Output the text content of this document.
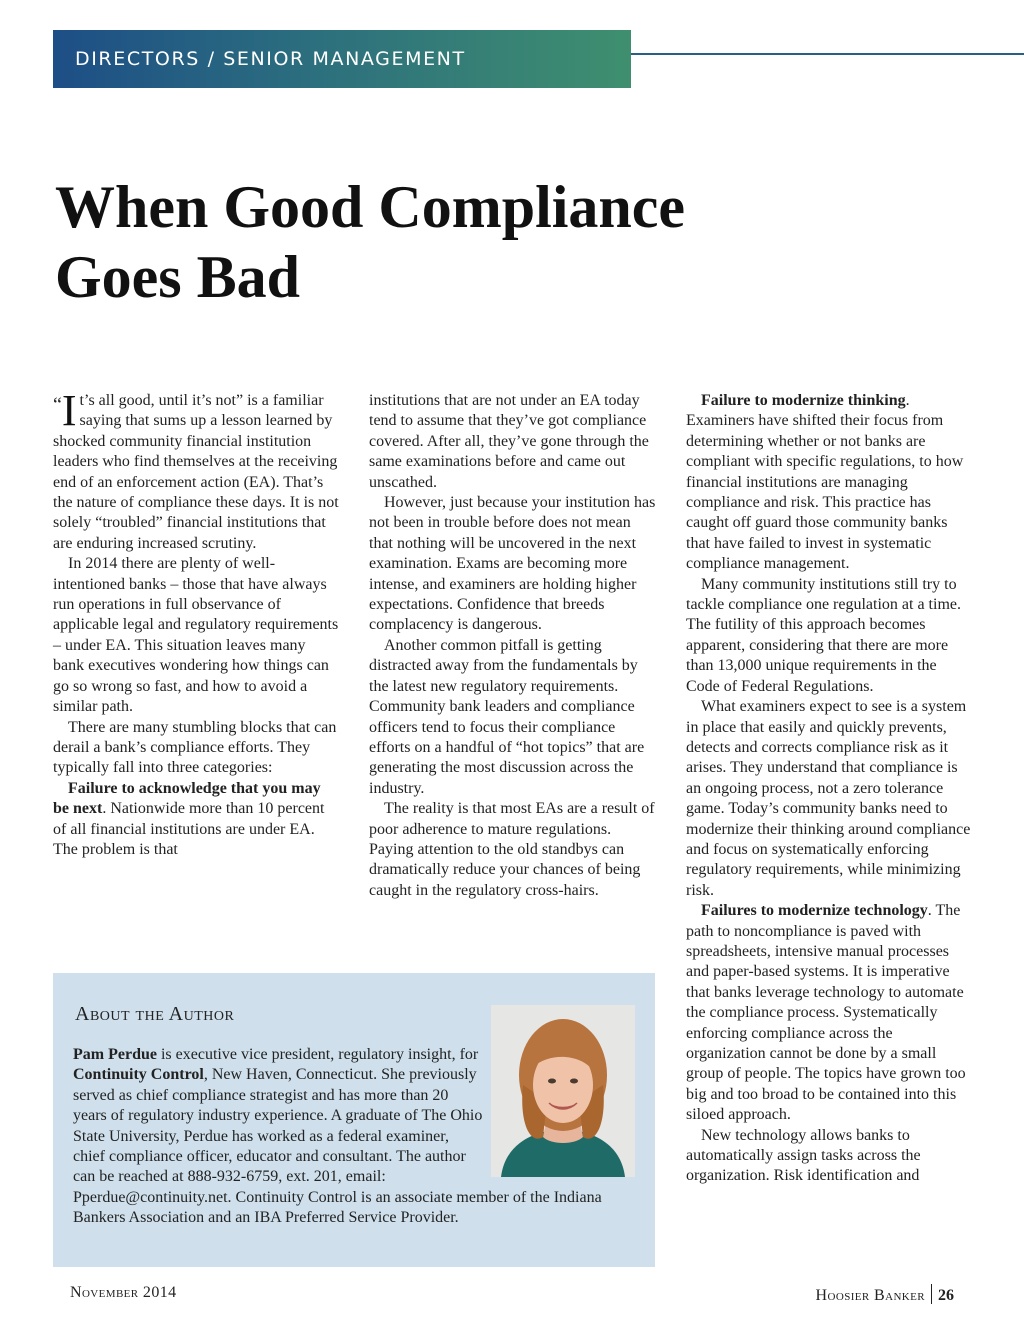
DIRECTORS / SENIOR MANAGEMENT
When Good Compliance
Goes Bad

“ I t’s all good, until it’s not” is a familiar saying that sums up a lesson learned by shocked community financial institution leaders who find themselves at the receiving end of an enforcement action (EA). That’s the nature of compliance these days. It is not solely “troubled” financial institutions that are enduring increased scrutiny.

In 2014 there are plenty of well-intentioned banks – those that have always run operations in full observance of applicable legal and regulatory requirements – under EA. This situation leaves many bank executives wondering how things can go so wrong so fast, and how to avoid a similar path.

There are many stumbling blocks that can derail a bank’s compliance efforts. They typically fall into three categories:

Failure to acknowledge that you may be next. Nationwide more than 10 percent of all financial institutions are under EA. The problem is that

institutions that are not under an EA today tend to assume that they’ve got compliance covered. After all, they’ve gone through the same examinations before and came out unscathed.

However, just because your institution has not been in trouble before does not mean that nothing will be uncovered in the next examination. Exams are becoming more intense, and examiners are holding higher expectations. Confidence that breeds complacency is dangerous.

Another common pitfall is getting distracted away from the fundamentals by the latest new regulatory requirements. Community bank leaders and compliance officers tend to focus their compliance efforts on a handful of “hot topics” that are generating the most discussion across the industry.

The reality is that most EAs are a result of poor adherence to mature regulations. Paying attention to the old standbys can dramatically reduce your chances of being caught in the regulatory cross-hairs.

Failure to modernize thinking. Examiners have shifted their focus from determining whether or not banks are compliant with specific regulations, to how financial institutions are managing compliance and risk. This practice has caught off guard those community banks that have failed to invest in systematic compliance management.

Many community institutions still try to tackle compliance one regulation at a time. The futility of this approach becomes apparent, considering that there are more than 13,000 unique requirements in the Code of Federal Regulations.

What examiners expect to see is a system in place that easily and quickly prevents, detects and corrects compliance risk as it arises. They understand that compliance is an ongoing process, not a zero tolerance game. Today’s community banks need to modernize their thinking around compliance and focus on systematically enforcing regulatory requirements, while minimizing risk.

Failures to modernize technology. The path to noncompliance is paved with spreadsheets, intensive manual processes and paper-based systems. It is imperative that banks leverage technology to automate the compliance process. Systematically enforcing compliance across the organization cannot be done by a small group of people. The topics have grown too big and too broad to be contained into this siloed approach.

New technology allows banks to automatically assign tasks across the organization. Risk identification and

About the Author

Pam Perdue is executive vice president, regulatory insight, for Continuity Control, New Haven, Connecticut. She previously served as chief compliance strategist and has more than 20 years of regulatory industry experience. A graduate of The Ohio State University, Perdue has worked as a federal examiner, chief compliance officer, educator and consultant. The author can be reached at 888-932-6759, ext. 201, email: Pperdue@continuity.net. Continuity Control is an associate member of the Indiana Bankers Association and an IBA Preferred Service Provider.

November 2014	Hoosier Banker 26
